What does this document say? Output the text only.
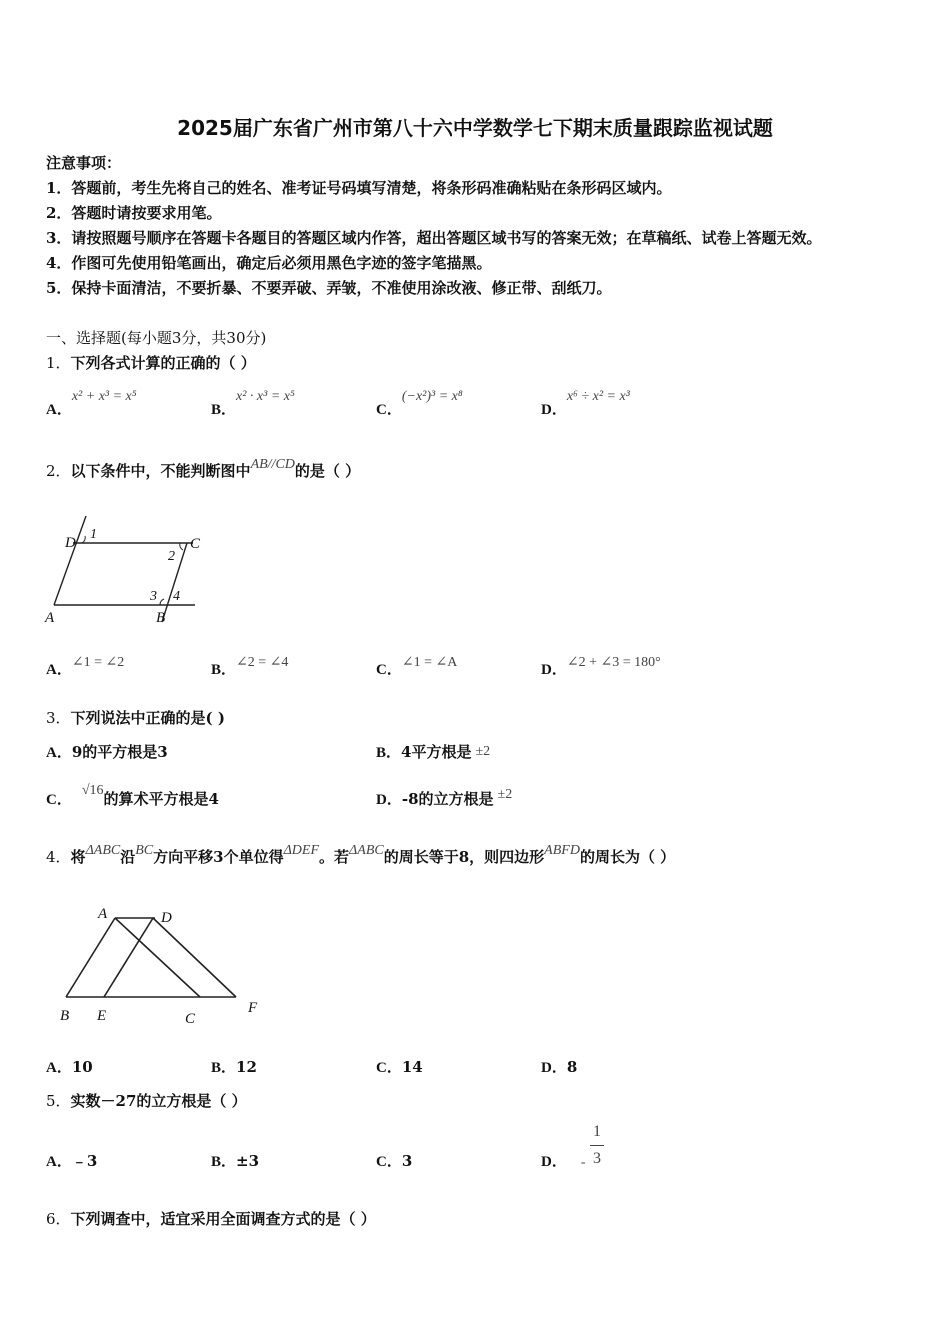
2025届广东省广州市第八十六中学数学七下期末质量跟踪监视试题
注意事项：
1．答题前，考生先将自己的姓名、准考证号码填写清楚，将条形码准确粘贴在条形码区域内。
2．答题时请按要求用笔。
3．请按照题号顺序在答题卡各题目的答题区域内作答，超出答题区域书写的答案无效；在草稿纸、试卷上答题无效。
4．作图可先使用铅笔画出，确定后必须用黑色字迹的签字笔描黑。
5．保持卡面清洁，不要折暴、不要弄破、弄皱，不准使用涂改液、修正带、刮纸刀。
一、选择题(每小题3分，共30分)
1．下列各式计算的正确的（ ）
A．x² + x³ = x⁵
B．x² · x³ = x⁵
C．(−x²)³ = x⁸
D．x⁶ ÷ x² = x³
2．以下条件中，不能判断图中AB//CD的是（ ）
D	C
A	B
1
2
3 4
A．∠1 = ∠2	B．∠2 = ∠4	C．∠1 = ∠A	D．∠2 + ∠3 = 180°
3．下列说法中正确的是( )
A．9的平方根是3	B．4平方根是 ±2
C．√16的算术平方根是4	D．-8的立方根是 ±2
4．将ΔABC沿BC方向平移3个单位得ΔDEF。若ΔABC的周长等于8，则四边形ABFD的周长为（ ）
A	D
B E	C
F
A．10	B．12	C．14	D．8
5．实数－27的立方根是（ ）
A．﹣3	B．±3	C．3	D． -
1
3
6．下列调查中，适宜采用全面调查方式的是（ ）
